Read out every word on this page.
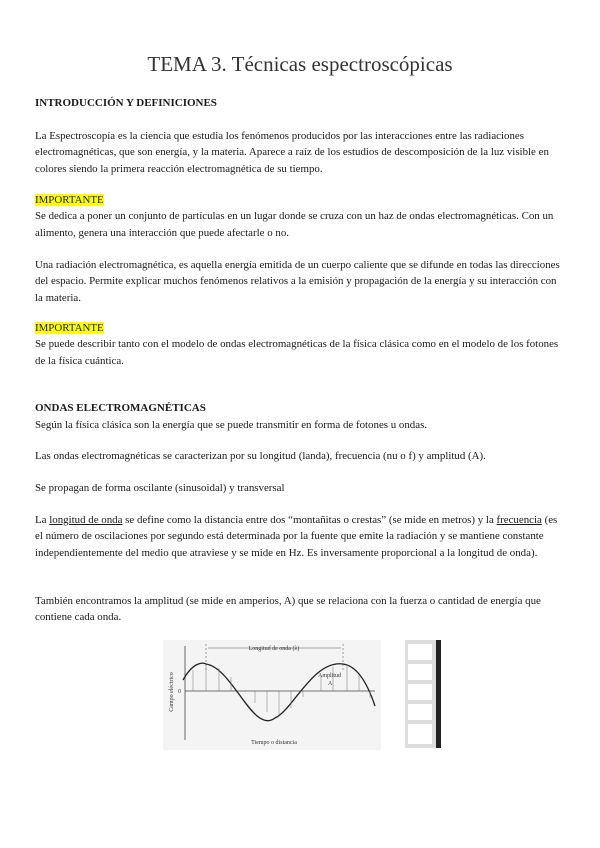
TEMA 3. Técnicas espectroscópicas
INTRODUCCIÓN Y DEFINICIONES
La Espectroscopía es la ciencia que estudia los fenómenos producidos por las interacciones entre las radiaciones electromagnéticas, que son energía, y la materia. Aparece a raíz de los estudios de descomposición de la luz visible en colores siendo la primera reacción electromagnética de su tiempo.
IMPORTANTE
Se dedica a poner un conjunto de partículas en un lugar donde se cruza con un haz de ondas electromagnéticas. Con un alimento, genera una interacción que puede afectarle o no.
Una radiación electromagnética, es aquella energía emitida de un cuerpo caliente que se difunde en todas las direcciones del espacio. Permite explicar muchos fenómenos relativos a la emisión y propagación de la energía y su interacción con la materia.
IMPORTANTE
Se puede describir tanto con el modelo de ondas electromagnéticas de la física clásica como en el modelo de los fotones de la física cuántica.
ONDAS ELECTROMAGNÉTICAS
Según la física clásica son la energía que se puede transmitir en forma de fotones u ondas.
Las ondas electromagnéticas se caracterizan por su longitud (landa), frecuencia (nu o f) y amplitud (A).
Se propagan de forma oscilante (sinusoidal) y transversal
La longitud de onda se define como la distancia entre dos “montañitas o crestas” (se mide en metros) y la frecuencia (es el número de oscilaciones por segundo está determinada por la fuente que emite la radiación y se mantiene constante independientemente del medio que atraviese y se mide en Hz. Es inversamente proporcional a la longitud de onda).
También encontramos la amplitud (se mide en amperios, A) que se relaciona con la fuerza o cantidad de energía que contiene cada onda.
Longitud de onda (λ)
Amplitud
A
0
Campo eléctrico
Tiempo o distancia
